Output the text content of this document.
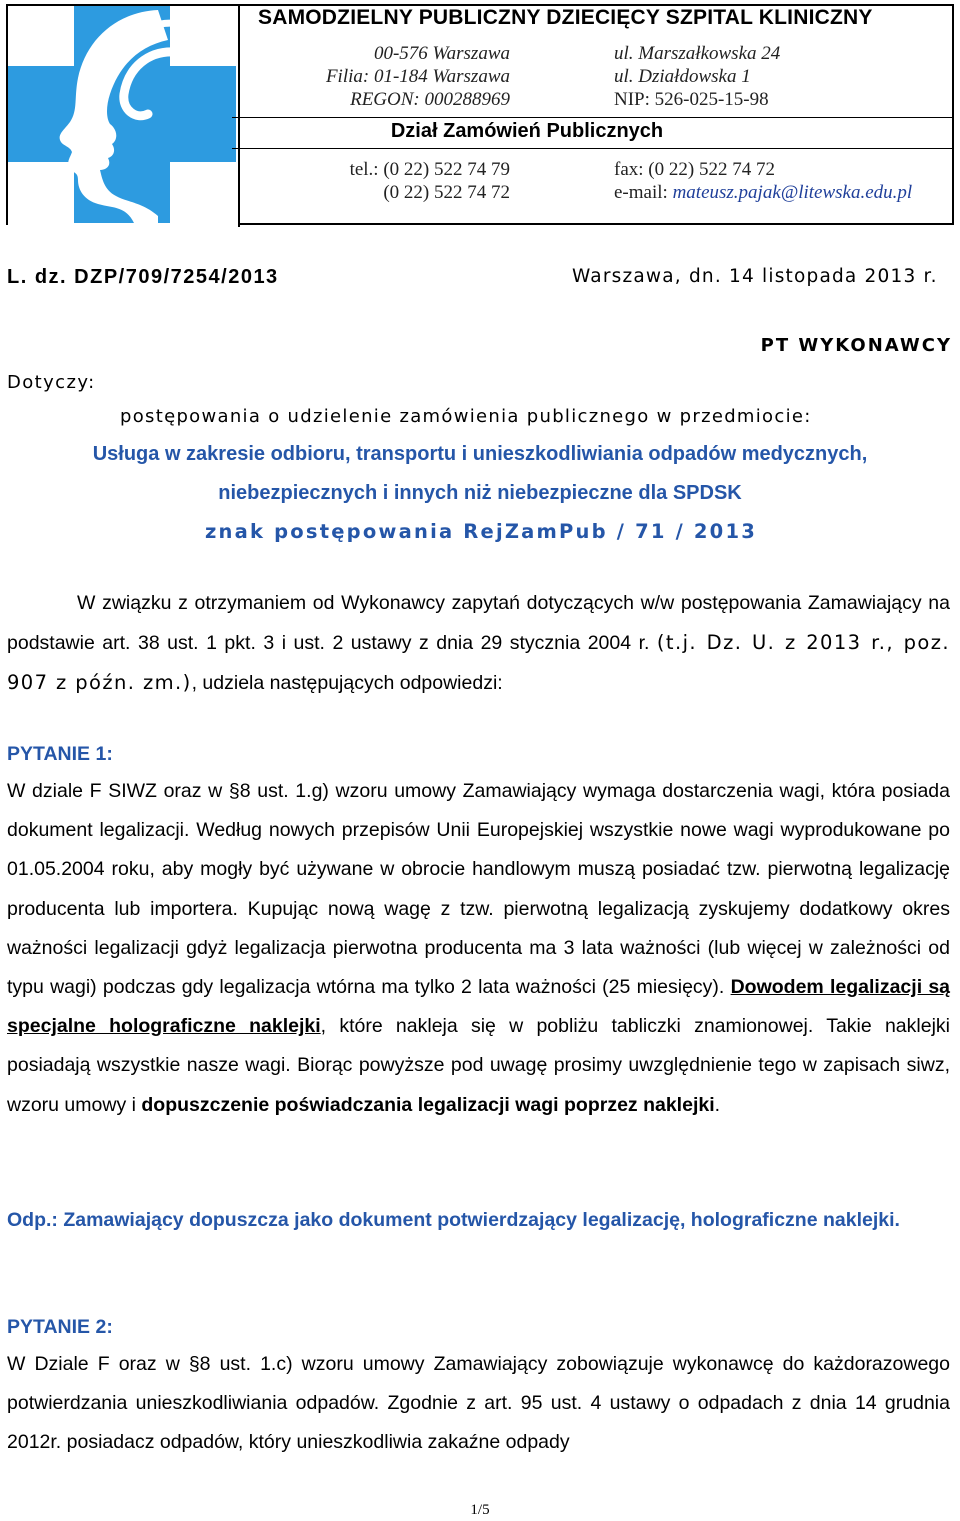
SAMODZIELNY PUBLICZNY DZIECIĘCY SZPITAL KLINICZNY
00-576 Warszawa
Filia: 01-184 Warszawa
REGON: 000288969
ul. Marszałkowska 24
ul. Działdowska 1
NIP: 526-025-15-98
Dział Zamówień Publicznych
tel.: (0 22) 522 74 79
(0 22) 522 74 72
fax: (0 22) 522 74 72
e-mail: mateusz.pajak@litewska.edu.pl
L. dz. DZP/709/7254/2013	Warszawa, dn. 14 listopada 2013 r.
PT WYKONAWCY
Dotyczy:
postępowania o udzielenie zamówienia publicznego w przedmiocie:
Usługa w zakresie odbioru, transportu i unieszkodliwiania odpadów medycznych,
niebezpiecznych i innych niż niebezpieczne dla SPDSK
znak postępowania RejZamPub / 71 / 2013
W związku z otrzymaniem od Wykonawcy zapytań dotyczących w/w postępowania Zamawiający na podstawie art. 38 ust. 1 pkt. 3 i ust. 2 ustawy z dnia 29 stycznia 2004 r. (t.j. Dz. U. z 2013 r., poz. 907 z późn. zm.), udziela następujących odpowiedzi:
PYTANIE 1:
W dziale F SIWZ oraz w §8 ust. 1.g) wzoru umowy Zamawiający wymaga dostarczenia wagi, która posiada dokument legalizacji. Według nowych przepisów Unii Europejskiej wszystkie nowe wagi wyprodukowane po 01.05.2004 roku, aby mogły być używane w obrocie handlowym muszą posiadać tzw. pierwotną legalizację producenta lub importera. Kupując nową wagę z tzw. pierwotną legalizacją zyskujemy dodatkowy okres ważności legalizacji gdyż legalizacja pierwotna producenta ma 3 lata ważności (lub więcej w zależności od typu wagi) podczas gdy legalizacja wtórna ma tylko 2 lata ważności (25 miesięcy). Dowodem legalizacji są specjalne holograficzne naklejki, które nakleja się w pobliżu tabliczki znamionowej. Takie naklejki posiadają wszystkie nasze wagi. Biorąc powyższe pod uwagę prosimy uwzględnienie tego w zapisach siwz, wzoru umowy i dopuszczenie poświadczania legalizacji wagi poprzez naklejki.
Odp.: Zamawiający dopuszcza jako dokument potwierdzający legalizację, holograficzne naklejki.
PYTANIE 2:
W Dziale F oraz w §8 ust. 1.c) wzoru umowy Zamawiający zobowiązuje wykonawcę do każdorazowego potwierdzania unieszkodliwiania odpadów. Zgodnie z art. 95 ust. 4 ustawy o odpadach z dnia 14 grudnia 2012r. posiadacz odpadów, który unieszkodliwia zakaźne odpady
1/5
